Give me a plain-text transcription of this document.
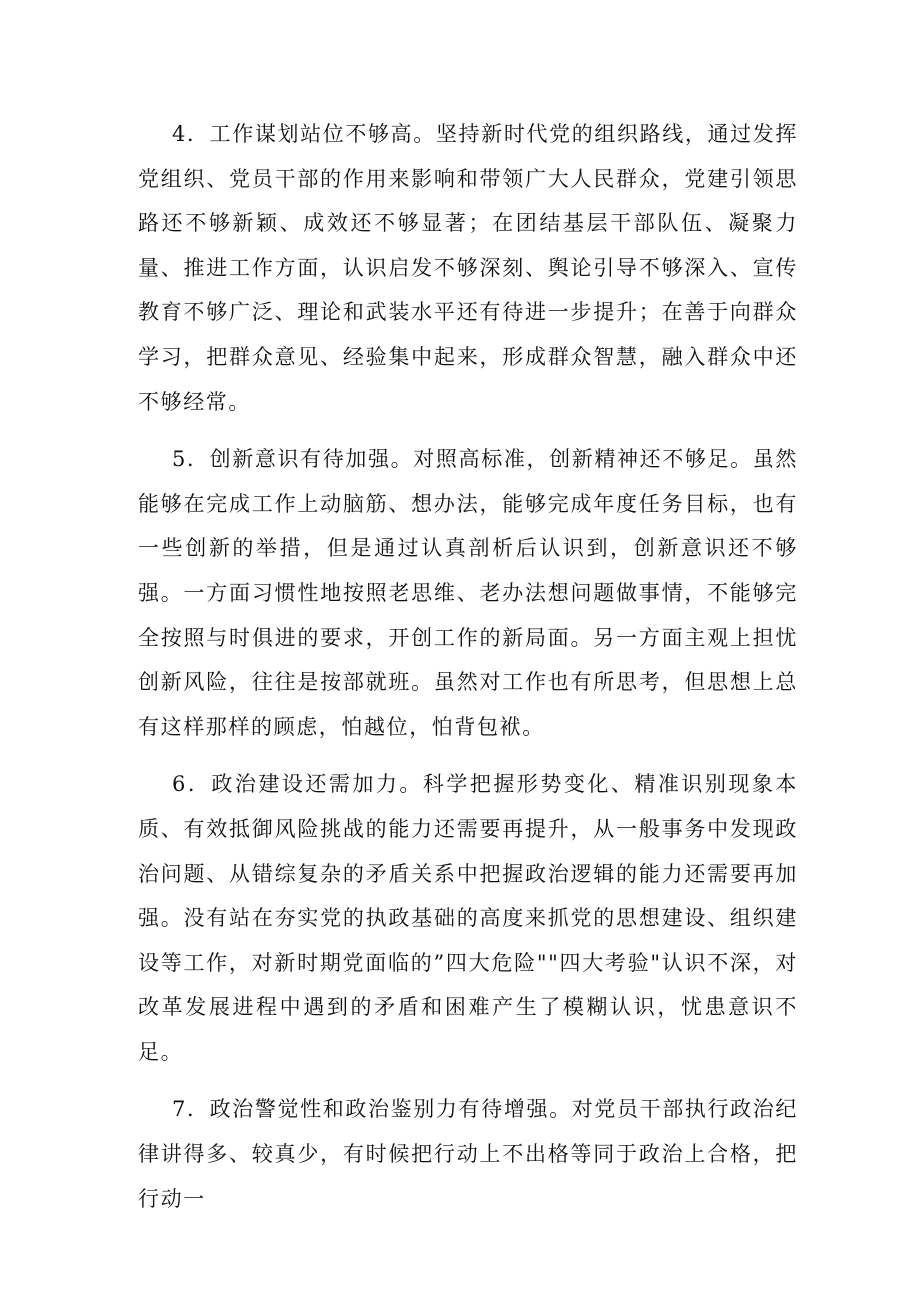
4．工作谋划站位不够高。坚持新时代党的组织路线，通过发挥党组织、党员干部的作用来影响和带领广大人民群众，党建引领思路还不够新颖、成效还不够显著；在团结基层干部队伍、凝聚力量、推进工作方面，认识启发不够深刻、舆论引导不够深入、宣传教育不够广泛、理论和武装水平还有待进一步提升；在善于向群众学习，把群众意见、经验集中起来，形成群众智慧，融入群众中还不够经常。

5．创新意识有待加强。对照高标准，创新精神还不够足。虽然能够在完成工作上动脑筋、想办法，能够完成年度任务目标，也有一些创新的举措，但是通过认真剖析后认识到，创新意识还不够强。一方面习惯性地按照老思维、老办法想问题做事情，不能够完全按照与时俱进的要求，开创工作的新局面。另一方面主观上担忧创新风险，往往是按部就班。虽然对工作也有所思考，但思想上总有这样那样的顾虑，怕越位，怕背包袱。

6．政治建设还需加力。科学把握形势变化、精准识别现象本质、有效抵御风险挑战的能力还需要再提升，从一般事务中发现政治问题、从错综复杂的矛盾关系中把握政治逻辑的能力还需要再加强。没有站在夯实党的执政基础的高度来抓党的思想建设、组织建设等工作，对新时期党面临的”四大危险""四大考验"认识不深，对改革发展进程中遇到的矛盾和困难产生了模糊认识，忧患意识不足。

7．政治警觉性和政治鉴别力有待增强。对党员干部执行政治纪律讲得多、较真少，有时候把行动上不出格等同于政治上合格，把行动一
